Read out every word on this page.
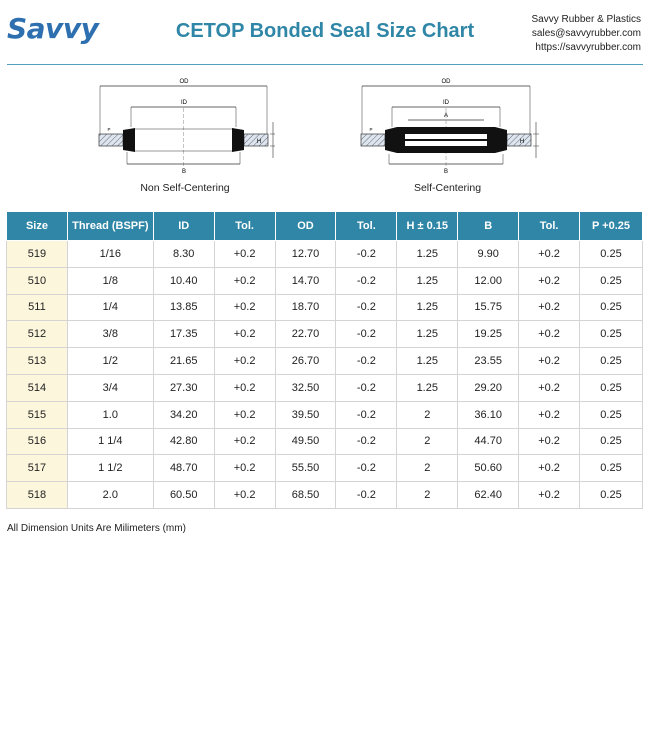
Savvy	CETOP Bonded Seal Size Chart
Savvy Rubber & Plastics
sales@savvyrubber.com
https://savvyrubber.com
OD
ID
B
H
P
Non Self-Centering
OD
ID
A
B
H
P
Self-Centering
Size	Thread (BSPF)	ID	Tol.	OD	Tol.	H ± 0.15	B	Tol.	P +0.25
519	1/16	8.30	+0.2	12.70	-0.2	1.25	9.90	+0.2	0.25
510	1/8	10.40	+0.2	14.70	-0.2	1.25	12.00	+0.2	0.25
511	1/4	13.85	+0.2	18.70	-0.2	1.25	15.75	+0.2	0.25
512	3/8	17.35	+0.2	22.70	-0.2	1.25	19.25	+0.2	0.25
513	1/2	21.65	+0.2	26.70	-0.2	1.25	23.55	+0.2	0.25
514	3/4	27.30	+0.2	32.50	-0.2	1.25	29.20	+0.2	0.25
515	1.0	34.20	+0.2	39.50	-0.2	2	36.10	+0.2	0.25
516	1 1/4	42.80	+0.2	49.50	-0.2	2	44.70	+0.2	0.25
517	1 1/2	48.70	+0.2	55.50	-0.2	2	50.60	+0.2	0.25
518	2.0	60.50	+0.2	68.50	-0.2	2	62.40	+0.2	0.25
All Dimension Units Are Milimeters (mm)
